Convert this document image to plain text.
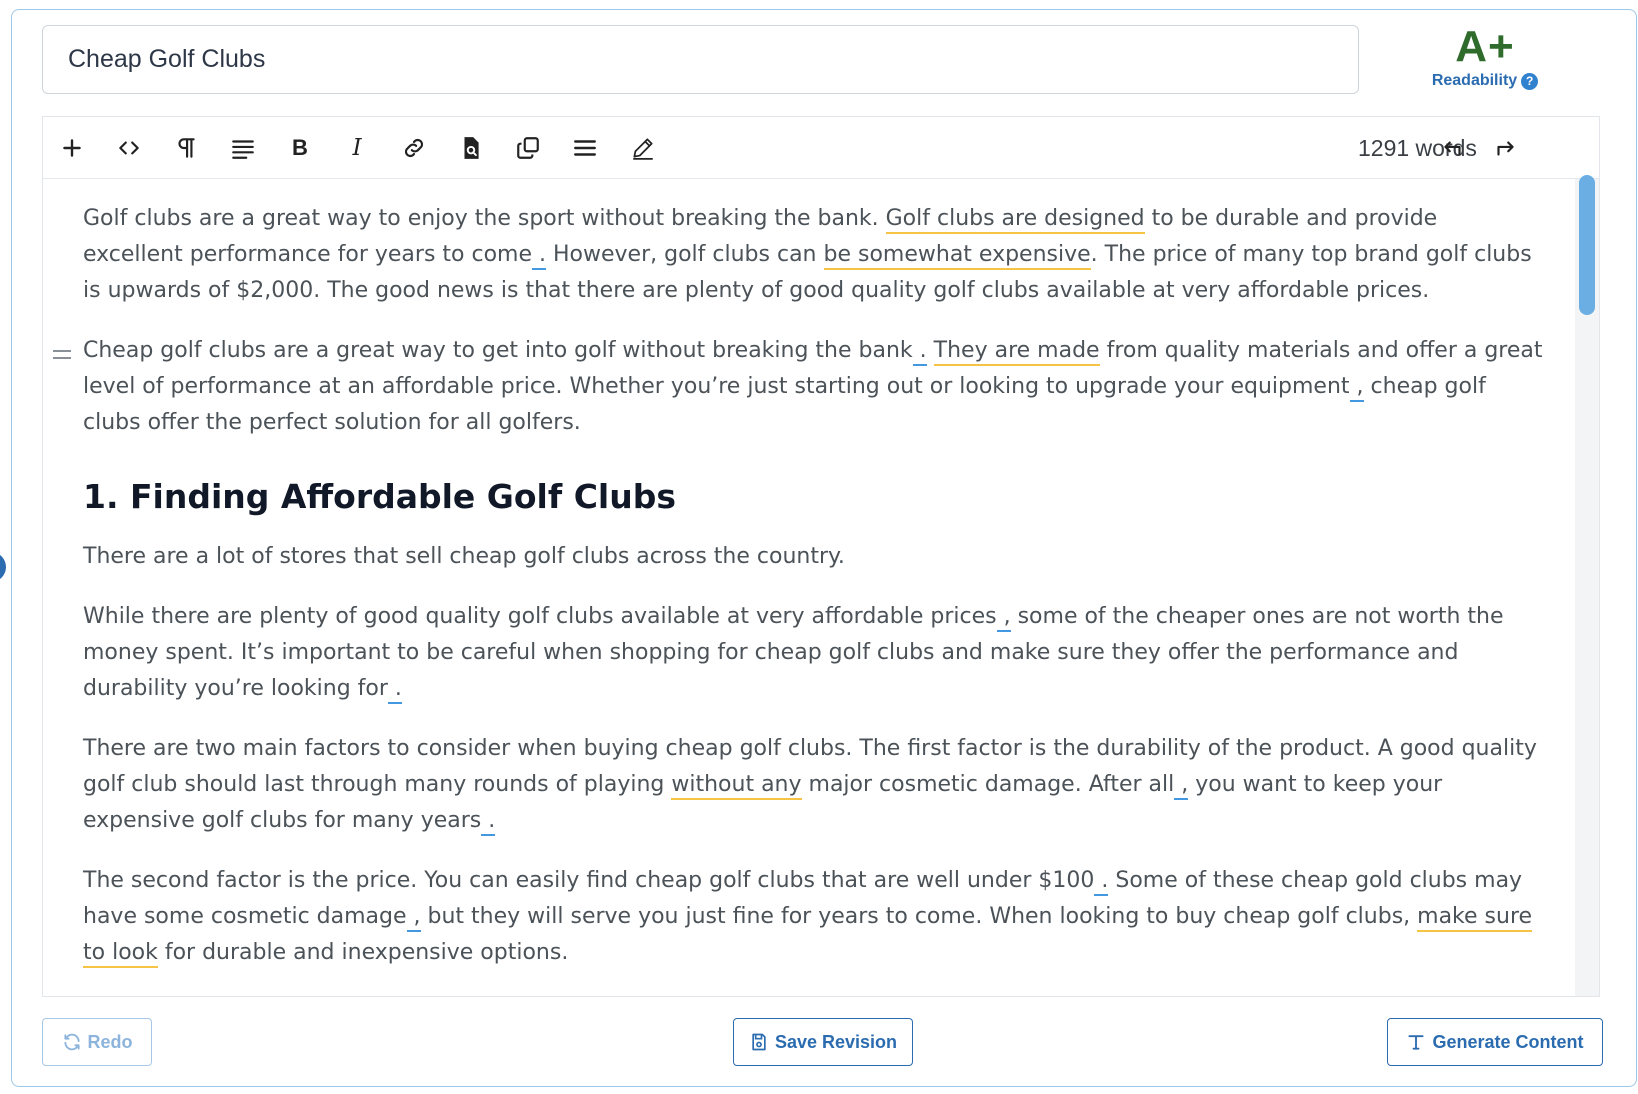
Cheap Golf Clubs	A+
Readability ?
B	I	1291 words

Golf clubs are a great way to enjoy the sport without breaking the bank. Golf clubs are designed to be durable and provide excellent performance for years to come . However, golf clubs can be somewhat expensive. The price of many top brand golf clubs is upwards of $2,000. The good news is that there are plenty of good quality golf clubs available at very affordable prices.

Cheap golf clubs are a great way to get into golf without breaking the bank . They are made from quality materials and offer a great level of performance at an affordable price. Whether you’re just starting out or looking to upgrade your equipment , cheap golf clubs offer the perfect solution for all golfers.

1. Finding Affordable Golf Clubs

There are a lot of stores that sell cheap golf clubs across the country.

While there are plenty of good quality golf clubs available at very affordable prices , some of the cheaper ones are not worth the money spent. It’s important to be careful when shopping for cheap golf clubs and make sure they offer the performance and durability you’re looking for .

There are two main factors to consider when buying cheap golf clubs. The first factor is the durability of the product. A good quality golf club should last through many rounds of playing without any major cosmetic damage. After all , you want to keep your expensive golf clubs for many years .

The second factor is the price. You can easily find cheap golf clubs that are well under $100 . Some of these cheap gold clubs may have some cosmetic damage , but they will serve you just fine for years to come. When looking to buy cheap golf clubs, make sure to look for durable and inexpensive options.

Redo	Save Revision	Generate Content
